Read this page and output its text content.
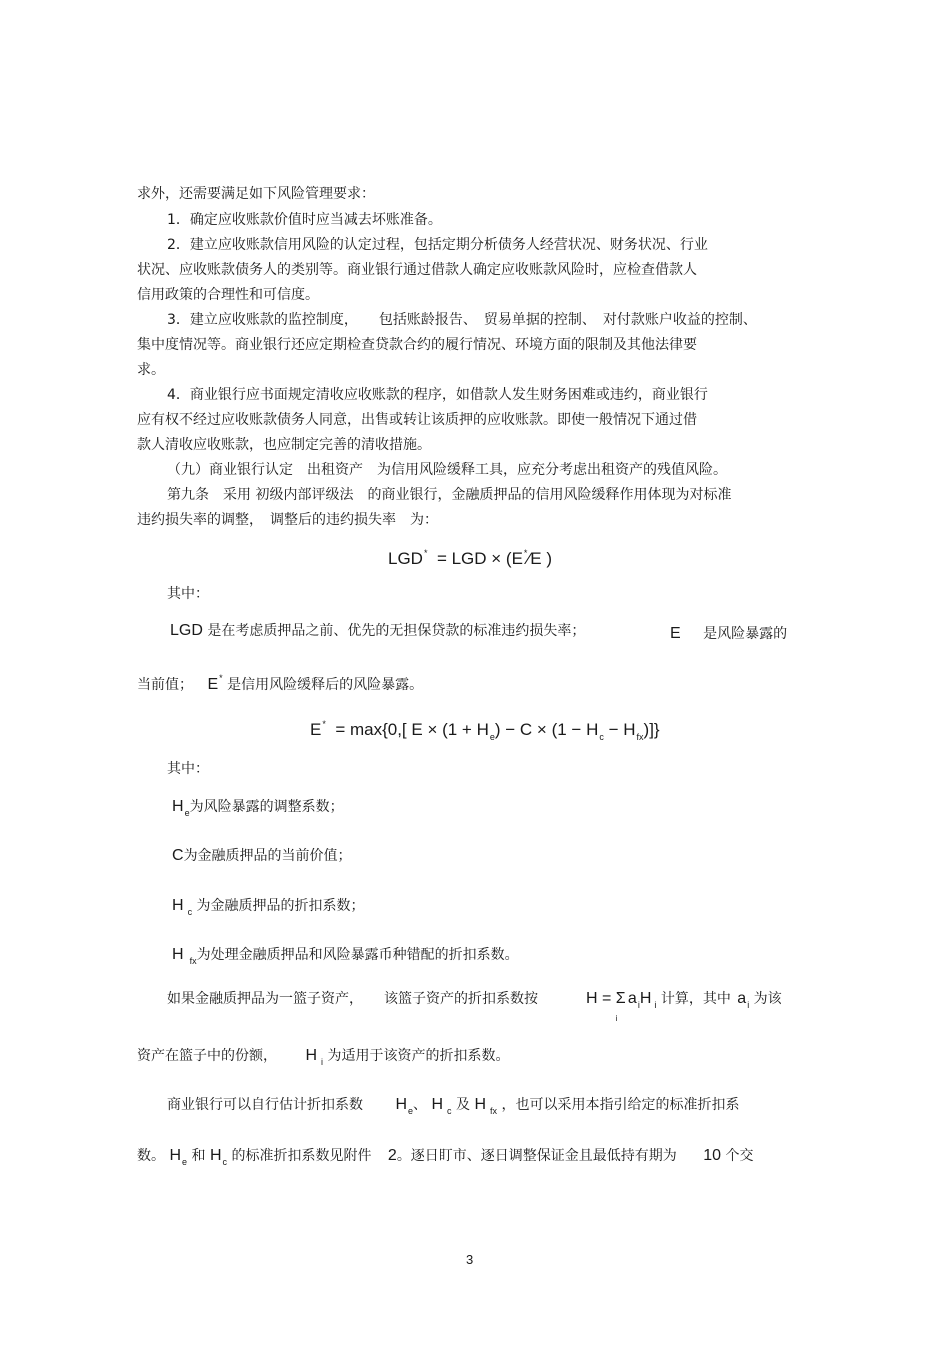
求外，还需要满足如下风险管理要求：
1．确定应收账款价值时应当减去坏账准备。
2．建立应收账款信用风险的认定过程，包括定期分析债务人经营状况、财务状况、行业
状况、应收账款债务人的类别等。商业银行通过借款人确定应收账款风险时，应检查借款人
信用政策的合理性和可信度。
3．建立应收账款的监控制度，　　包括账龄报告、　贸易单据的控制、　对付款账户收益的控制、
集中度情况等。商业银行还应定期检查贷款合约的履行情况、环境方面的限制及其他法律要
求。
4．商业银行应书面规定清收应收账款的程序，如借款人发生财务困难或违约，商业银行
应有权不经过应收账款债务人同意，出售或转让该质押的应收账款。即使一般情况下通过借
款人清收应收账款，也应制定完善的清收措施。
（九）商业银行认定　出租资产　为信用风险缓释工具，应充分考虑出租资产的残值风险。
第九条　采用 初级内部评级法　的商业银行，金融质押品的信用风险缓释作用体现为对标准
违约损失率的调整，　调整后的违约损失率　为：
LGD* = LGD × (E*⁄E )
其中：
LGD 是在考虑质押品之前、优先的无担保贷款的标准违约损失率；	E 是风险暴露的
当前值； E* 是信用风险缓释后的风险暴露。
E* = max{0,[ $E \times (1 + H_e) - C \times (1 - H_c - H_{fx})$]}
其中：
$H_e$为风险暴露的调整系数；
C为金融质押品的当前价值；
H $_c$ 为金融质押品的折扣系数；
H $_{fx}$为处理金融质押品和风险暴露币种错配的折扣系数。
如果金融质押品为一篮子资产，　　该篮子资产的折扣系数按	$H = \Sigma_i$ $a_iH$ $_i$ 计算，其中 $a_i$ 为该
资产在篮子中的份额， H $_i$ 为适用于该资产的折扣系数。
商业银行可以自行估计折扣系数 $H_e$、 H $_c$ 及 H $_{fx}$ ，也可以采用本指引给定的标准折扣系
数。 $H_e$ 和 $H_c$ 的标准折扣系数见附件 2。逐日盯市、逐日调整保证金且最低持有期为 10 个交
3
